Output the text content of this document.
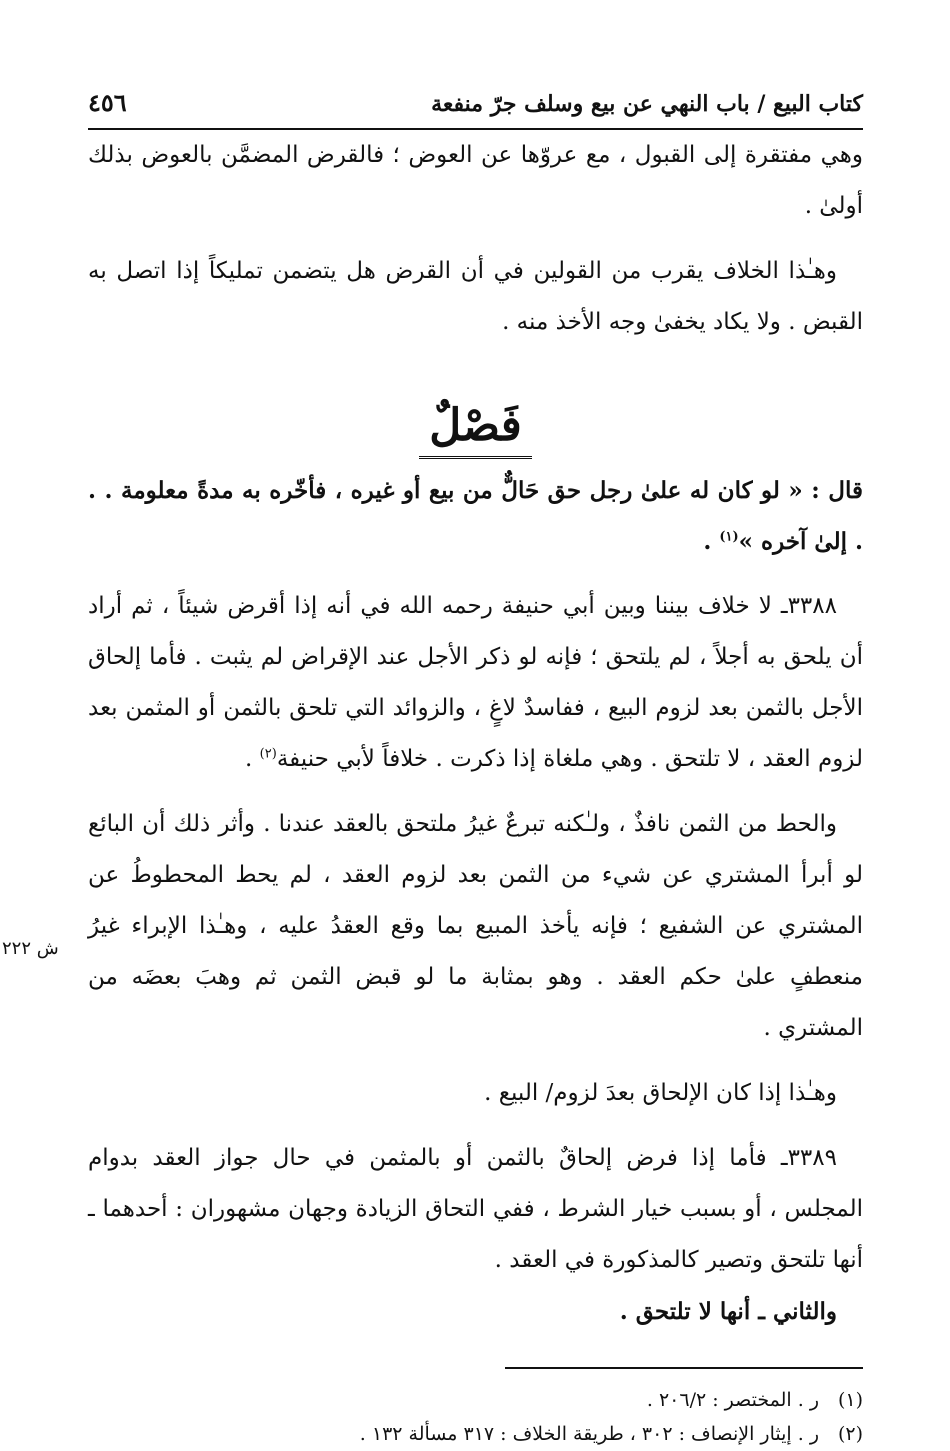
ش ٢٢٢
كتاب البيع / باب النهي عن بيع وسلف جرّ منفعة
٤٥٦

وهي مفتقرة إلى القبول ، مع عروّها عن العوض ؛ فالقرض المضمَّن بالعوض بذلك أولىٰ .

وهـٰذا الخلاف يقرب من القولين في أن القرض هل يتضمن تمليكاً إذا اتصل به القبض . ولا يكاد يخفىٰ وجه الأخذ منه .

فَصْلٌ

قال : « لو كان له علىٰ رجل حق حَالٌّ من بيع أو غيره ، فأخّره به مدةً معلومة . . . إلىٰ آخره »$^{(١)}$ .

٣٣٨٨ـ لا خلاف بيننا وبين أبي حنيفة رحمه الله في أنه إذا أقرض شيئاً ، ثم أراد أن يلحق به أجلاً ، لم يلتحق ؛ فإنه لو ذكر الأجل عند الإقراض لم يثبت . فأما إلحاق الأجل بالثمن بعد لزوم البيع ، ففاسدٌ لاغٍ ، والزوائد التي تلحق بالثمن أو المثمن بعد لزوم العقد ، لا تلتحق . وهي ملغاة إذا ذكرت . خلافاً لأبي حنيفة$^{(٢)}$ .

والحط من الثمن نافذٌ ، ولـٰكنه تبرعٌ غيرُ ملتحق بالعقد عندنا . وأثر ذلك أن البائع لو أبرأ المشتري عن شيء من الثمن بعد لزوم العقد ، لم يحط المحطوطُ عن المشتري عن الشفيع ؛ فإنه يأخذ المبيع بما وقع العقدُ عليه ، وهـٰذا الإبراء غيرُ منعطفٍ علىٰ حكم العقد . وهو بمثابة ما لو قبض الثمن ثم وهبَ بعضَه من المشتري .

وهـٰذا إذا كان الإلحاق بعدَ لزوم/ البيع .

٣٣٨٩ـ فأما إذا فرض إلحاقٌ بالثمن أو بالمثمن في حال جواز العقد بدوام المجلس ، أو بسبب خيار الشرط ، ففي التحاق الزيادة وجهان مشهوران : أحدهما ـ أنها تلتحق وتصير كالمذكورة في العقد .

والثاني ـ أنها لا تلتحق .

(١)
ر . المختصر : ٢٠٦/٢ .
(٢)
ر . إيثار الإنصاف : ٣٠٢ ، طريقة الخلاف : ٣١٧ مسألة ١٣٢ .
